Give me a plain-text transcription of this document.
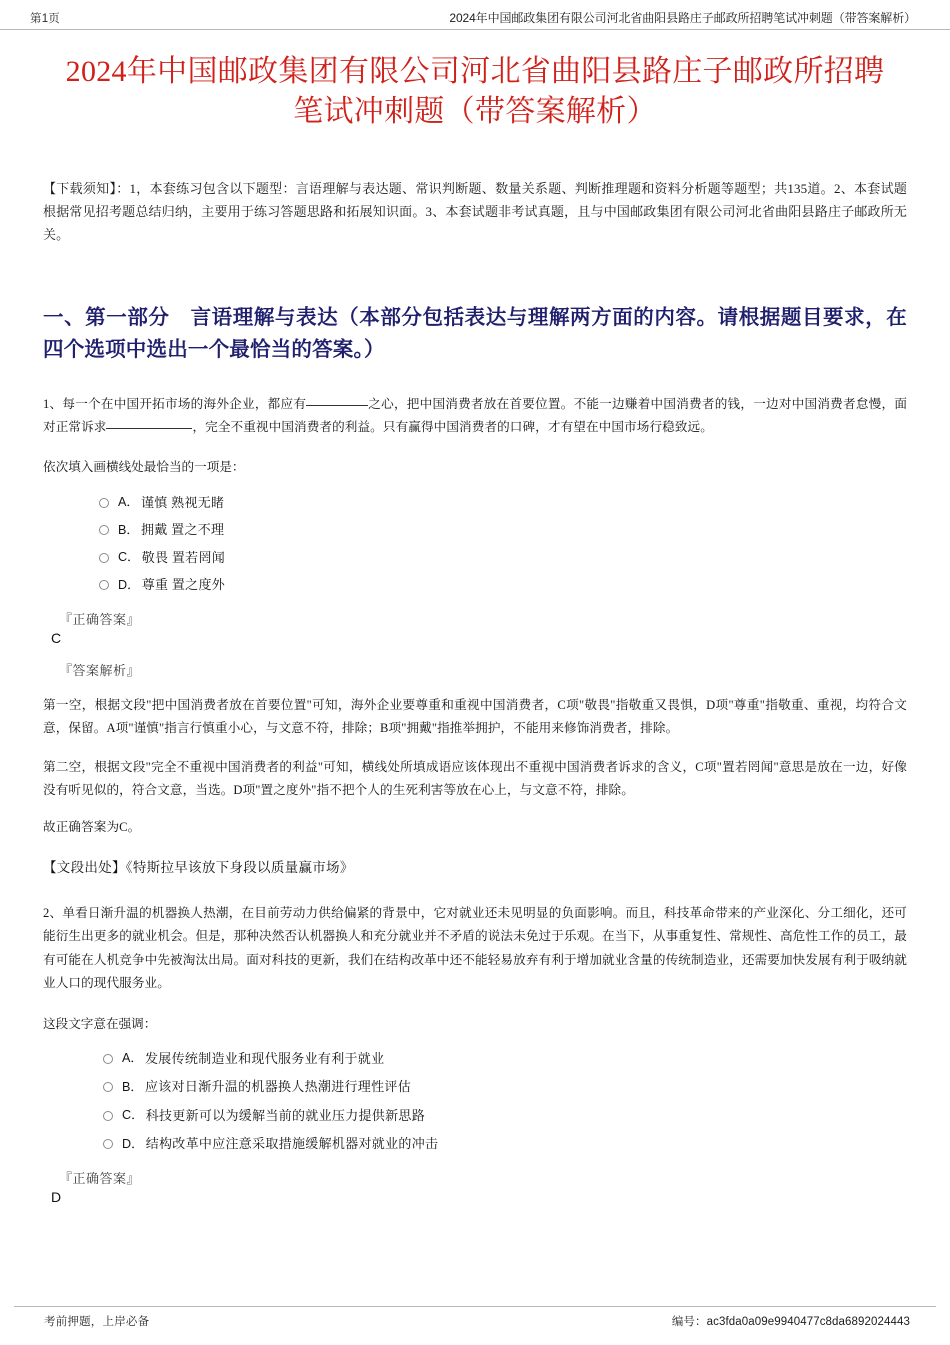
第1页	2024年中国邮政集团有限公司河北省曲阳县路庄子邮政所招聘笔试冲刺题（带答案解析）
2024年中国邮政集团有限公司河北省曲阳县路庄子邮政所招聘笔试冲刺题（带答案解析）

【下载须知】：1，本套练习包含以下题型：言语理解与表达题、常识判断题、数量关系题、判断推理题和资料分析题等题型；共135道。2、本套试题根据常见招考题总结归纳，主要用于练习答题思路和拓展知识面。3、本套试题非考试真题，且与中国邮政集团有限公司河北省曲阳县路庄子邮政所无关。

一、第一部分　言语理解与表达（本部分包括表达与理解两方面的内容。请根据题目要求，在四个选项中选出一个最恰当的答案。）

1、每一个在中国开拓市场的海外企业，都应有	之心，把中国消费者放在首要位置。不能一边赚着中国消费者的钱，一边对中国消费者怠慢，面对正常诉求	，完全不重视中国消费者的利益。只有赢得中国消费者的口碑，才有望在中国市场行稳致远。

依次填入画横线处最恰当的一项是：

A． 谨慎 熟视无睹
B． 拥戴 置之不理
C． 敬畏 置若罔闻
D． 尊重 置之度外
『正确答案』
C
『答案解析』

第一空，根据文段"把中国消费者放在首要位置"可知，海外企业要尊重和重视中国消费者，C项"敬畏"指敬重又畏惧，D项"尊重"指敬重、重视，均符合文意，保留。A项"谨慎"指言行慎重小心，与文意不符，排除；B项"拥戴"指推举拥护，不能用来修饰消费者，排除。

第二空，根据文段"完全不重视中国消费者的利益"可知，横线处所填成语应该体现出不重视中国消费者诉求的含义，C项"置若罔闻"意思是放在一边，好像没有听见似的，符合文意，当选。D项"置之度外"指不把个人的生死利害等放在心上，与文意不符，排除。

故正确答案为C。

【文段出处】《特斯拉早该放下身段以质量赢市场》

2、单看日渐升温的机器换人热潮，在目前劳动力供给偏紧的背景中，它对就业还未见明显的负面影响。而且，科技革命带来的产业深化、分工细化，还可能衍生出更多的就业机会。但是，那种决然否认机器换人和充分就业并不矛盾的说法未免过于乐观。在当下，从事重复性、常规性、高危性工作的员工，最有可能在人机竞争中先被淘汰出局。面对科技的更新，我们在结构改革中还不能轻易放弃有利于增加就业含量的传统制造业，还需要加快发展有利于吸纳就业人口的现代服务业。

这段文字意在强调：

A． 发展传统制造业和现代服务业有利于就业
B． 应该对日渐升温的机器换人热潮进行理性评估
C． 科技更新可以为缓解当前的就业压力提供新思路
D． 结构改革中应注意采取措施缓解机器对就业的冲击
『正确答案』
D
考前押题，上岸必备	编号：ac3fda0a09e9940477c8da6892024443
